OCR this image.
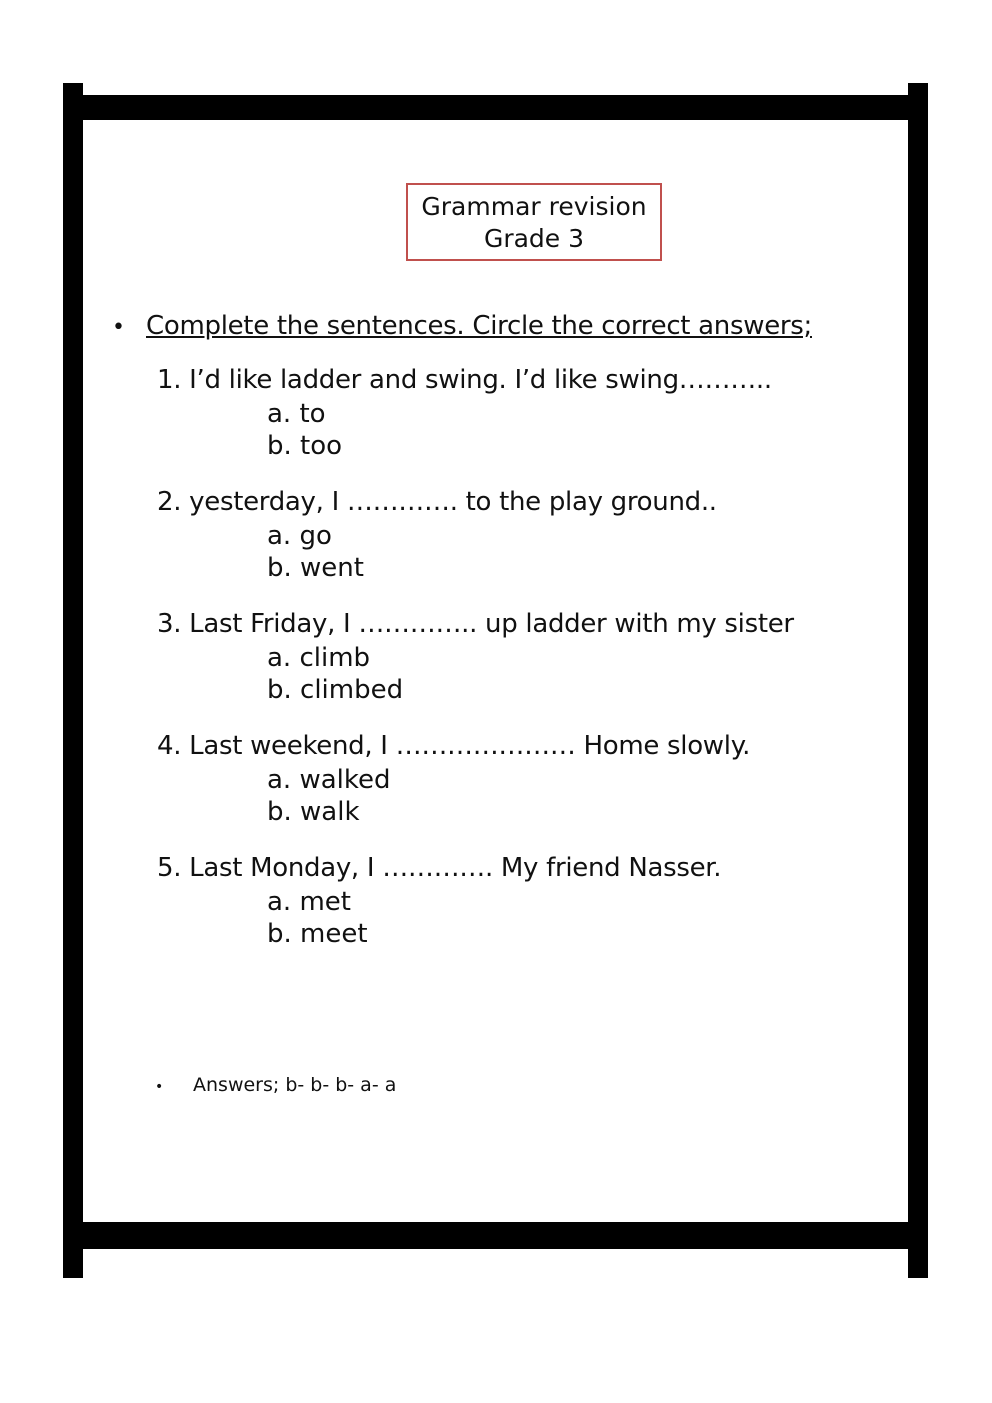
Grammar revision
Grade 3
• Complete the sentences. Circle the correct answers;
1. I’d like ladder and swing. I’d like swing………..
a. to
b. too
2. yesterday, I …………. to the play ground..
a. go
b. went
3. Last Friday, I ………….. up ladder with my sister
a. climb
b. climbed
4. Last weekend, I ………………… Home slowly.
a. walked
b. walk
5. Last Monday, I …………. My friend Nasser.
a. met
b. meet
• Answers; b- b- b- a- a
